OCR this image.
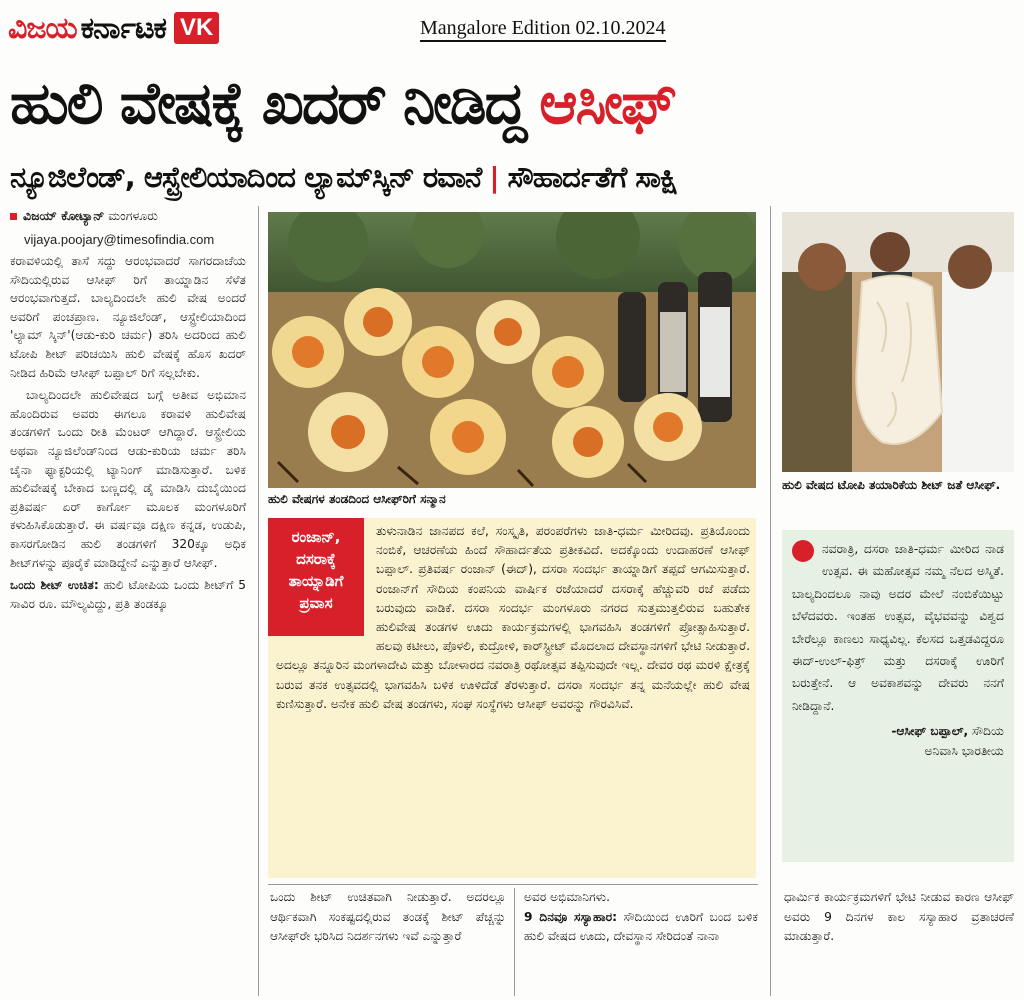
ವಿಜಯ ಕರ್ನಾಟಕ VK	Mangalore Edition 02.10.2024
ಹುಲಿ ವೇಷಕ್ಕೆ ಖದರ್ ನೀಡಿದ್ದ ಆಸೀಫ್
ನ್ಯೂಜಿಲೆಂಡ್, ಆಸ್ಟ್ರೇಲಿಯಾದಿಂದ ಲ್ಯಾಮ್‌ಸ್ಕಿನ್ ರವಾನೆ | ಸೌಹಾರ್ದತೆಗೆ ಸಾಕ್ಷಿ
ವಿಜಯ್ ಕೋಟ್ಯಾನ್ ಮಂಗಳೂರು
vijaya.poojary@timesofindia.com

ಕರಾವಳಿಯಲ್ಲಿ ತಾಸೆ ಸದ್ದು ಆರಂಭವಾದರೆ ಸಾಗರದಾಚೆಯ ಸೌದಿಯಲ್ಲಿರುವ ಆಸೀಫ್ ರಿಗೆ ತಾಯ್ನಾಡಿನ ಸೆಳೆತ ಆರಂಭವಾಗುತ್ತದೆ. ಬಾಲ್ಯದಿಂದಲೇ ಹುಲಿ ವೇಷ ಅಂದರೆ ಅವರಿಗೆ ಪಂಚಪ್ರಾಣ. ನ್ಯೂಜಿಲೆಂಡ್, ಆಸ್ಟ್ರೇಲಿಯಾದಿಂದ 'ಲ್ಯಾಮ್ ಸ್ಕಿನ್'(ಆಡು-ಕುರಿ ಚರ್ಮ) ತರಿಸಿ ಅದರಿಂದ ಹುಲಿ ಟೋಪಿ ಶೀಟ್ ಪರಿಚಯಿಸಿ ಹುಲಿ ವೇಷಕ್ಕೆ ಹೊಸ ಖದರ್ ನೀಡಿದ ಹಿರಿಮೆ ಆಸೀಫ್ ಬಪ್ಪಾಲ್ ರಿಗೆ ಸಲ್ಲಬೇಕು.

ಬಾಲ್ಯದಿಂದಲೇ ಹುಲಿವೇಷದ ಬಗ್ಗೆ ಅತೀವ ಅಭಿಮಾನ ಹೊಂದಿರುವ ಅವರು ಈಗಲೂ ಕರಾವಳಿ ಹುಲಿವೇಷ ತಂಡಗಳಿಗೆ ಒಂದು ರೀತಿ ಮೆಂಟರ್ ಆಗಿದ್ದಾರೆ. ಆಸ್ಟ್ರೇಲಿಯ ಅಥವಾ ನ್ಯೂಜಿಲೆಂಡ್‌ನಿಂದ ಆಡು-ಕುರಿಯ ಚರ್ಮ ತರಿಸಿ ಚೈನಾ ಫ್ಯಾಕ್ಟರಿಯಲ್ಲಿ ಟ್ಯಾನಿಂಗ್ ಮಾಡಿಸುತ್ತಾರೆ. ಬಳಿಕ ಹುಲಿವೇಷಕ್ಕೆ ಬೇಕಾದ ಬಣ್ಣದಲ್ಲಿ ಡೈ ಮಾಡಿಸಿ ದುಬೈಯಿಂದ ಪ್ರತಿವರ್ಷ ಏರ್ ಕಾರ್ಗೋ ಮೂಲಕ ಮಂಗಳೂರಿಗೆ ಕಳುಹಿಸಿಕೊಡುತ್ತಾರೆ. ಈ ವರ್ಷವೂ ದಕ್ಷಿಣ ಕನ್ನಡ, ಉಡುಪಿ, ಕಾಸರಗೋಡಿನ ಹುಲಿ ತಂಡಗಳಿಗೆ 320ಕ್ಕೂ ಅಧಿಕ ಶೀಟ್‌ಗಳನ್ನು ಪೂರೈಕೆ ಮಾಡಿದ್ದೇನೆ ಎನ್ನುತ್ತಾರೆ ಆಸೀಫ್.

ಒಂದು ಶೀಟ್ ಉಚಿತ: ಹುಲಿ ಟೋಪಿಯ ಒಂದು ಶೀಟ್‌ಗೆ 5 ಸಾವಿರ ರೂ. ಮೌಲ್ಯವಿದ್ದು, ಪ್ರತಿ ತಂಡಕ್ಕೂ

ಹುಲಿ ವೇಷಗಳ ತಂಡದಿಂದ ಆಸೀಫ್‌ರಿಗೆ ಸನ್ಮಾನ
ಹುಲಿ ವೇಷದ ಟೋಪಿ ತಯಾರಿಕೆಯ ಶೀಟ್ ಜತೆ ಆಸೀಫ್.
ತುಳುನಾಡಿನ ಜಾನಪದ ಕಲೆ, ಸಂಸ್ಕೃತಿ, ಪರಂಪರೆಗಳು ಜಾತಿ-ಧರ್ಮ ಮೀರಿದವು. ಪ್ರತಿಯೊಂದು ನಂಬಿಕೆ, ಆಚರಣೆಯ ಹಿಂದೆ ಸೌಹಾರ್ದತೆಯ ಪ್ರತೀಕವಿದೆ. ಅದಕ್ಕೊಂದು ಉದಾಹರಣೆ ಆಸೀಫ್ ಬಪ್ಪಾಲ್. ಪ್ರತಿವರ್ಷ ರಂಜಾನ್ (ಈದ್), ದಸರಾ ಸಂದರ್ಭ ತಾಯ್ನಾಡಿಗೆ ತಪ್ಪದೆ ಆಗಮಿಸುತ್ತಾರೆ. ರಂಜಾನ್‌ಗೆ ಸೌದಿಯ ಕಂಪನಿಯ ವಾರ್ಷಿಕ ರಜೆಯಾದರೆ ದಸರಾಕ್ಕೆ ಹೆಚ್ಚುವರಿ ರಜೆ ಪಡೆದು ಬರುವುದು ವಾಡಿಕೆ. ದಸರಾ ಸಂದರ್ಭ ಮಂಗಳೂರು ನಗರದ ಸುತ್ತಮುತ್ತಲಿರುವ ಬಹುತೇಕ ಹುಲಿವೇಷ ತಂಡಗಳ ಊದು ಕಾರ್ಯಕ್ರಮಗಳಲ್ಲಿ ಭಾಗವಹಿಸಿ ತಂಡಗಳಿಗೆ ಪ್ರೋತ್ಸಾಹಿಸುತ್ತಾರೆ. ಹಲವು ಕಟೀಲು, ಪೊಳಲಿ, ಕುದ್ರೋಳಿ, ಕಾರ್‌ಸ್ಟ್ರೀಟ್ ಮೊದಲಾದ ದೇವಸ್ಥಾನಗಳಿಗೆ ಭೇಟಿ ನೀಡುತ್ತಾರೆ. ಅದಲ್ಲೂ ತನ್ನೂರಿನ ಮಂಗಳಾದೇವಿ ಮತ್ತು ಬೋಳಾರದ ನವರಾತ್ರಿ ರಥೋತ್ಸವ ತಪ್ಪಿಸುವುದೇ ಇಲ್ಲ. ದೇವರ ರಥ ಮರಳಿ ಕ್ಷೇತ್ರಕ್ಕೆ ಬರುವ ತನಕ ಉತ್ಸವದಲ್ಲಿ ಭಾಗವಹಿಸಿ ಬಳಿಕ ಊಳಿದೆಡೆ ತೆರಳುತ್ತಾರೆ. ದಸರಾ ಸಂದರ್ಭ ತನ್ನ ಮನೆಯಲ್ಲೇ ಹುಲಿ ವೇಷ ಕುಣಿಸುತ್ತಾರೆ. ಅನೇಕ ಹುಲಿ ವೇಷ ತಂಡಗಳು, ಸಂಘ ಸಂಸ್ಥೆಗಳು ಆಸೀಫ್ ಅವರನ್ನು ಗೌರವಿಸಿವೆ.
ರಂಜಾನ್,
ದಸರಾಕ್ಕೆ
ತಾಯ್ನಾಡಿಗೆ
ಪ್ರವಾಸ
ನವರಾತ್ರಿ, ದಸರಾ ಜಾತಿ-ಧರ್ಮ ಮೀರಿದ ನಾಡ ಉತ್ಸವ. ಈ ಮಹೋತ್ಸವ ನಮ್ಮ ನೆಲದ ಅಸ್ಮಿತೆ. ಬಾಲ್ಯದಿಂದಲೂ ನಾವು ಅದರ ಮೇಲೆ ನಂಬಿಕೆಯಿಟ್ಟು ಬೆಳೆದವರು. ಇಂತಹ ಉತ್ಸವ, ವೈಭವವನ್ನು ವಿಶ್ವದ ಬೇರೆಲ್ಲೂ ಕಾಣಲು ಸಾಧ್ಯವಿಲ್ಲ. ಕೆಲಸದ ಒತ್ತಡವಿದ್ದರೂ ಈದ್-ಉಲ್-ಫಿತ್ರ್ ಮತ್ತು ದಸರಾಕ್ಕೆ ಊರಿಗೆ ಬರುತ್ತೇನೆ. ಆ ಅವಕಾಶವನ್ನು ದೇವರು ನನಗೆ ನೀಡಿದ್ದಾನೆ.
-ಆಸೀಫ್ ಬಪ್ಪಾಲ್, ಸೌದಿಯ
ಅನಿವಾಸಿ ಭಾರತೀಯ
ಒಂದು ಶೀಟ್ ಉಚಿತವಾಗಿ ನೀಡುತ್ತಾರೆ. ಅದರಲ್ಲೂ ಆರ್ಥಿಕವಾಗಿ ಸಂಕಷ್ಟದಲ್ಲಿರುವ ತಂಡಕ್ಕೆ ಶೀಟ್ ಪೆಚ್ಚನ್ನು ಆಸೀಫ್‌ರೇ ಭರಿಸಿದ ನಿದರ್ಶನಗಳು ಇವೆ ಎನ್ನುತ್ತಾರೆ
ಅವರ ಅಭಿಮಾನಿಗಳು.
9 ದಿನವೂ ಸಸ್ಯಾಹಾರ: ಸೌದಿಯಿಂದ ಊರಿಗೆ ಬಂದ ಬಳಿಕ ಹುಲಿ ವೇಷದ ಊದು, ದೇವಸ್ಥಾನ ಸೇರಿದಂತೆ ನಾನಾ
ಧಾರ್ಮಿಕ ಕಾರ್ಯಕ್ರಮಗಳಿಗೆ ಭೇಟಿ ನೀಡುವ ಕಾರಣ ಆಸೀಫ್ ಅವರು 9 ದಿನಗಳ ಕಾಲ ಸಸ್ಯಾಹಾರ ವ್ರತಾಚರಣೆ ಮಾಡುತ್ತಾರೆ.
